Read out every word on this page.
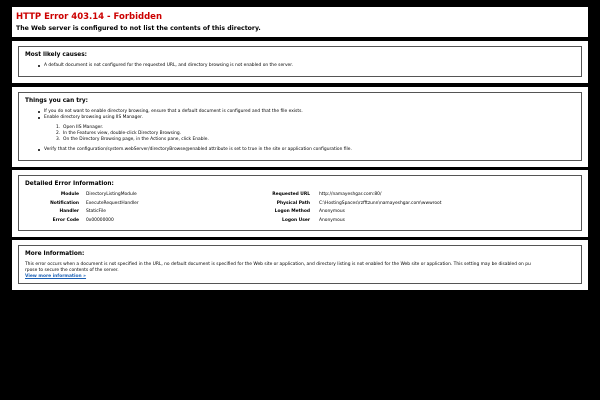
HTTP Error 403.14 - Forbidden
The Web server is configured to not list the contents of this directory.
Most likely causes:
A default document is not configured for the requested URL, and directory browsing is not enabled on the server.
Things you can try:
If you do not want to enable directory browsing, ensure that a default document is configured and that the file exists.
Enable directory browsing using IIS Manager.
1. Open IIS Manager.
2. In the Features view, double-click Directory Browsing.
3. On the Directory Browsing page, in the Actions pane, click Enable.
Verify that the configuration/system.webServer/directoryBrowse@enabled attribute is set to true in the site or application configuration file.
Detailed Error Information:
Module	DirectoryListingModule	Requested URL	http://namayeshgar.com:80/
Notification	ExecuteRequestHandler	Physical Path	C:\HostingSpaces\rzfftzunn\namayeshgar.com\wwwroot
Handler	StaticFile	Logon Method	Anonymous
Error Code	0x00000000	Logon User	Anonymous
More Information:
This error occurs when a document is not specified in the URL, no default document is specified for the Web site or application, and directory listing is not enabled for the Web site or application. This setting may be disabled on pu
rpose to secure the contents of the server.
View more information »
